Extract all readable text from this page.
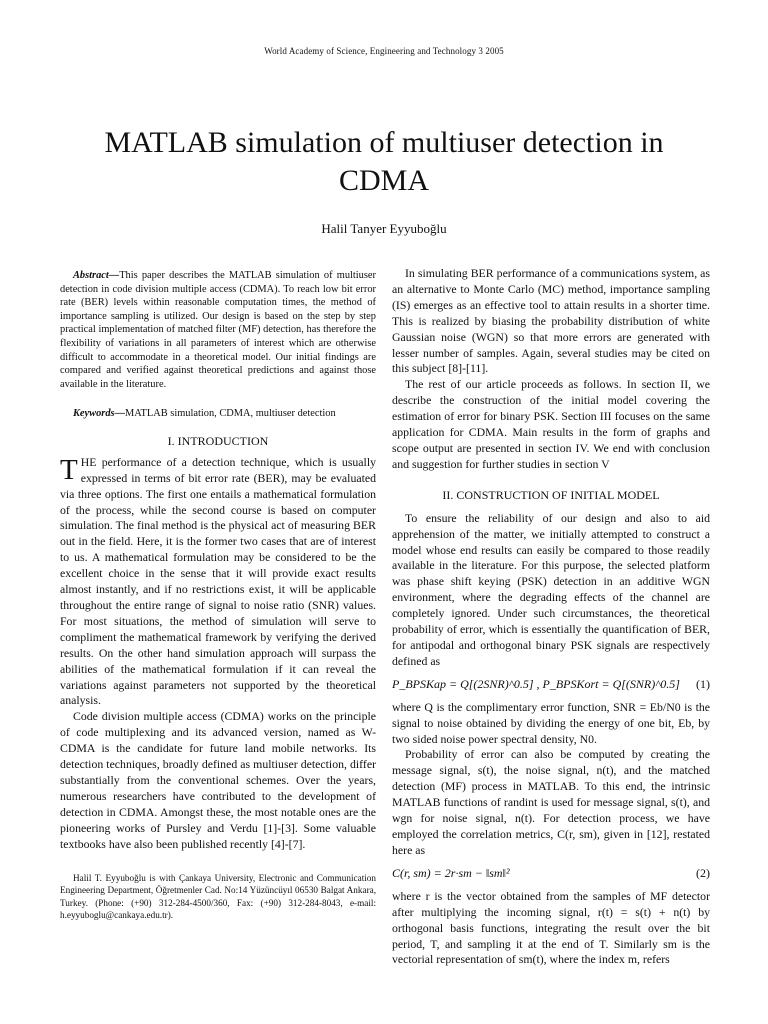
World Academy of Science, Engineering and Technology 3 2005
MATLAB simulation of multiuser detection in CDMA
Halil Tanyer Eyyuboğlu

Abstract—This paper describes the MATLAB simulation of multiuser detection in code division multiple access (CDMA). To reach low bit error rate (BER) levels within reasonable computation times, the method of importance sampling is utilized. Our design is based on the step by step practical implementation of matched filter (MF) detection, has therefore the flexibility of variations in all parameters of interest which are otherwise difficult to accommodate in a theoretical model. Our initial findings are compared and verified against theoretical predictions and against those available in the literature.

Keywords—MATLAB simulation, CDMA, multiuser detection

I. INTRODUCTION

THE performance of a detection technique, which is usually expressed in terms of bit error rate (BER), may be evaluated via three options. The first one entails a mathematical formulation of the process, while the second course is based on computer simulation. The final method is the physical act of measuring BER out in the field. Here, it is the former two cases that are of interest to us. A mathematical formulation may be considered to be the excellent choice in the sense that it will provide exact results almost instantly, and if no restrictions exist, it will be applicable throughout the entire range of signal to noise ratio (SNR) values. For most situations, the method of simulation will serve to compliment the mathematical framework by verifying the derived results. On the other hand simulation approach will surpass the abilities of the mathematical formulation if it can reveal the variations against parameters not supported by the theoretical analysis.

Code division multiple access (CDMA) works on the principle of code multiplexing and its advanced version, named as W-CDMA is the candidate for future land mobile networks. Its detection techniques, broadly defined as multiuser detection, differ substantially from the conventional schemes. Over the years, numerous researchers have contributed to the development of detection in CDMA. Amongst these, the most notable ones are the pioneering works of Pursley and Verdu [1]-[3]. Some valuable textbooks have also been published recently [4]-[7].

Halil T. Eyyuboğlu is with Çankaya University, Electronic and Communication Engineering Department, Öğretmenler Cad. No:14 Yüzüncüyıl 06530 Balgat Ankara, Turkey. (Phone: (+90) 312-284-4500/360, Fax: (+90) 312-284-8043, e-mail: h.eyyuboglu@cankaya.edu.tr).

In simulating BER performance of a communications system, as an alternative to Monte Carlo (MC) method, importance sampling (IS) emerges as an effective tool to attain results in a shorter time. This is realized by biasing the probability distribution of white Gaussian noise (WGN) so that more errors are generated with lesser number of samples. Again, several studies may be cited on this subject [8]-[11].

The rest of our article proceeds as follows. In section II, we describe the construction of the initial model covering the estimation of error for binary PSK. Section III focuses on the same application for CDMA. Main results in the form of graphs and scope output are presented in section IV. We end with conclusion and suggestion for further studies in section V

II. CONSTRUCTION OF INITIAL MODEL

To ensure the reliability of our design and also to aid apprehension of the matter, we initially attempted to construct a model whose end results can easily be compared to those readily available in the literature. For this purpose, the selected platform was phase shift keying (PSK) detection in an additive WGN environment, where the degrading effects of the channel are completely ignored. Under such circumstances, the theoretical probability of error, which is essentially the quantification of BER, for antipodal and orthogonal binary PSK signals are respectively defined as

P_BPSKap = Q[(2SNR)^0.5] , P_BPSKort = Q[(SNR)^0.5] (1)

where Q is the complimentary error function, SNR = Eb/N0 is the signal to noise obtained by dividing the energy of one bit, Eb, by two sided noise power spectral density, N0.

Probability of error can also be computed by creating the message signal, s(t), the noise signal, n(t), and the matched detection (MF) process in MATLAB. To this end, the intrinsic MATLAB functions of randint is used for message signal, s(t), and wgn for noise signal, n(t). For detection process, we have employed the correlation metrics, C(r, sm), given in [12], restated here as

C(r, sm) = 2r·sm − ‖sm‖²	(2)

where r is the vector obtained from the samples of MF detector after multiplying the incoming signal, r(t) = s(t) + n(t) by orthogonal basis functions, integrating the result over the bit period, T, and sampling it at the end of T. Similarly sm is the vectorial representation of sm(t), where the index m, refers
